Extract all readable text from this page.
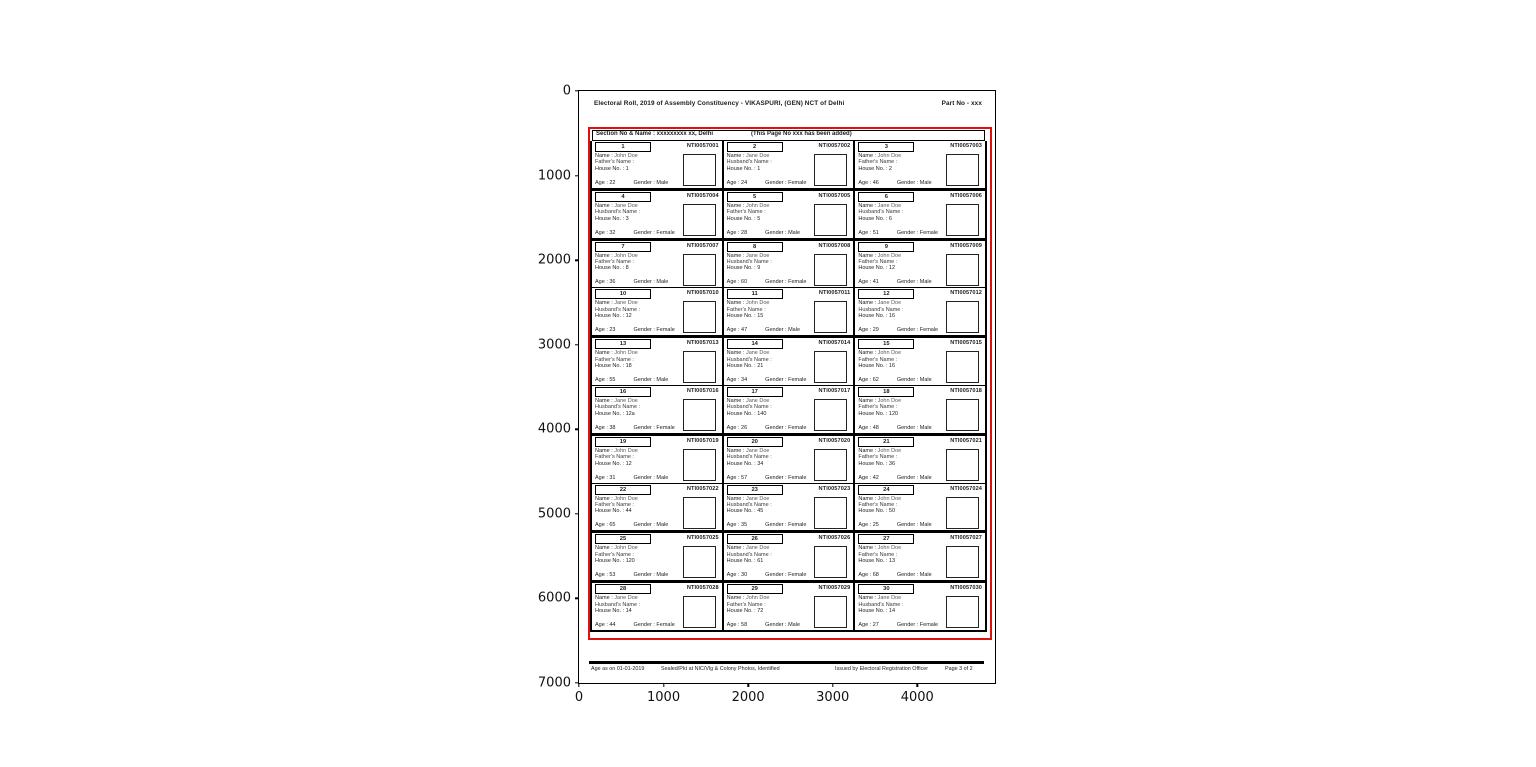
0
1000
2000
3000
4000
5000
6000
7000
0	1000	2000	3000	4000
Electoral Roll, 2019 of Assembly Constituency - VIKASPURI, (GEN) NCT of Delhi	Part No - xxx
Section No & Name : xxxxxxxxx xx, Delhi	(This Page No xxx has been added)
1	NTI0057001
Name : John Doe
Father's Name :
House No. : 1
Age : 22	Gender : Male
2	NTI0057002
Name : Jane Doe
Husband's Name :
House No. : 1
Age : 24	Gender : Female
3	NTI0057003
Name : John Doe
Father's Name :
House No. : 2
Age : 46	Gender : Male
4	NTI0057004
Name : Jane Doe
Husband's Name :
House No. : 3
Age : 32	Gender : Female
5	NTI0057005
Name : John Doe
Father's Name :
House No. : 5
Age : 28	Gender : Male
6	NTI0057006
Name : Jane Doe
Husband's Name :
House No. : 6
Age : 51	Gender : Female
7	NTI0057007
Name : John Doe
Father's Name :
House No. : 8
Age : 36	Gender : Male
8	NTI0057008
Name : Jane Doe
Husband's Name :
House No. : 9
Age : 60	Gender : Female
9	NTI0057009
Name : John Doe
Father's Name :
House No. : 12
Age : 41	Gender : Male
10	NTI0057010
Name : Jane Doe
Husband's Name :
House No. : 12
Age : 23	Gender : Female
11	NTI0057011
Name : John Doe
Father's Name :
House No. : 15
Age : 47	Gender : Male
12	NTI0057012
Name : Jane Doe
Husband's Name :
House No. : 16
Age : 29	Gender : Female
13	NTI0057013
Name : John Doe
Father's Name :
House No. : 18
Age : 55	Gender : Male
14	NTI0057014
Name : Jane Doe
Husband's Name :
House No. : 21
Age : 34	Gender : Female
15	NTI0057015
Name : John Doe
Father's Name :
House No. : 16
Age : 62	Gender : Male
16	NTI0057016
Name : Jane Doe
Husband's Name :
House No. : 12a
Age : 38	Gender : Female
17	NTI0057017
Name : Jane Doe
Husband's Name :
House No. : 140
Age : 26	Gender : Female
18	NTI0057018
Name : John Doe
Father's Name :
House No. : 120
Age : 48	Gender : Male
19	NTI0057019
Name : John Doe
Father's Name :
House No. : 12
Age : 31	Gender : Male
20	NTI0057020
Name : Jane Doe
Husband's Name :
House No. : 34
Age : 57	Gender : Female
21	NTI0057021
Name : John Doe
Father's Name :
House No. : 36
Age : 42	Gender : Male
22	NTI0057022
Name : John Doe
Father's Name :
House No. : 44
Age : 65	Gender : Male
23	NTI0057023
Name : Jane Doe
Husband's Name :
House No. : 45
Age : 35	Gender : Female
24	NTI0057024
Name : John Doe
Father's Name :
House No. : 50
Age : 25	Gender : Male
25	NTI0057025
Name : John Doe
Father's Name :
House No. : 120
Age : 53	Gender : Male
26	NTI0057026
Name : Jane Doe
Husband's Name :
House No. : 61
Age : 30	Gender : Female
27	NTI0057027
Name : John Doe
Father's Name :
House No. : 13
Age : 68	Gender : Male
28	NTI0057028
Name : Jane Doe
Husband's Name :
House No. : 14
Age : 44	Gender : Female
29	NTI0057029
Name : John Doe
Father's Name :
House No. : 72
Age : 58	Gender : Male
30	NTI0057030
Name : Jane Doe
Husband's Name :
House No. : 14
Age : 27	Gender : Female
Age as on 01-01-2019	Sealed/Pkt at NIC/Vlg & Colony Photos, Identified	Issued by Electoral Registration Officer	Page 3 of 2
